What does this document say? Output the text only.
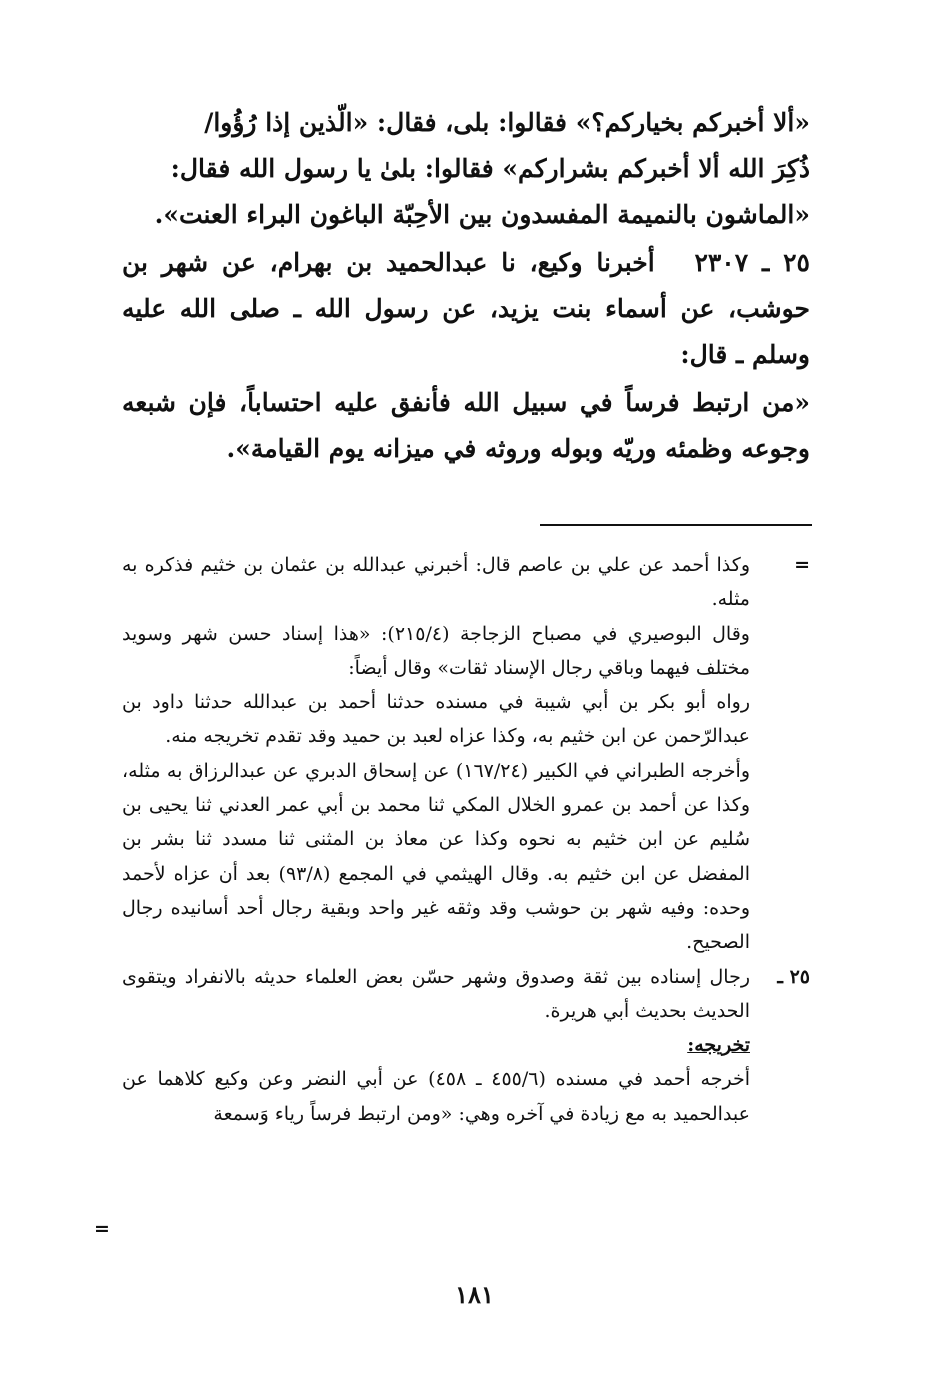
«ألا أخبركم بخياركم؟» فقالوا: بلى، فقال: «الّذين إذا رُؤُوا/

ذُكِرَ الله ألا أخبركم بشراركم» فقالوا: بلىٰ يا رسول الله فقال:

«الماشون بالنميمة المفسدون بين الأحِبّة الباغون البراء العنت».

٢٥ ـ ٢٣٠٧ أخبرنا وكيع، نا عبدالحميد بن بهرام، عن شهر بن حوشب، عن أسماء بنت يزيد، عن رسول الله ـ صلى الله عليه وسلم ـ قال:

«من ارتبط فرساً في سبيل الله فأنفق عليه احتساباً، فإن شبعه وجوعه وظمئه وريّه وبوله وروثه في ميزانه يوم القيامة».

=

وكذا أحمد عن علي بن عاصم قال: أخبرني عبدالله بن عثمان بن خثيم فذكره به مثله.

وقال البوصيري في مصباح الزجاجة (٢١٥/٤): «هذا إسناد حسن شهر وسويد مختلف فيهما وباقي رجال الإسناد ثقات» وقال أيضاً:

رواه أبو بكر بن أبي شيبة في مسنده حدثنا أحمد بن عبدالله حدثنا داود بن عبدالرّحمن عن ابن خثيم به، وكذا عزاه لعبد بن حميد وقد تقدم تخريجه منه.

وأخرجه الطبراني في الكبير (١٦٧/٢٤) عن إسحاق الدبري عن عبدالرزاق به مثله، وكذا عن أحمد بن عمرو الخلال المكي ثنا محمد بن أبي عمر العدني ثنا يحيى بن سُليم عن ابن خثيم به نحوه وكذا عن معاذ بن المثنى ثنا مسدد ثنا بشر بن المفضل عن ابن خثيم به. وقال الهيثمي في المجمع (٩٣/٨) بعد أن عزاه لأحمد وحده: وفيه شهر بن حوشب وقد وثقه غير واحد وبقية رجال أحد أسانيده رجال الصحيح.

٢٥ ـ

رجال إسناده بين ثقة وصدوق وشهر حسّن بعض العلماء حديثه بالانفراد ويتقوى الحديث بحديث أبي هريرة.

تخريجه:

أخرجه أحمد في مسنده (٤٥٥/٦ ـ ٤٥٨) عن أبي النضر وعن وكيع كلاهما عن عبدالحميد به مع زيادة في آخره وهي: «ومن ارتبط فرساً رياء وَسمعة

=
١٨١
